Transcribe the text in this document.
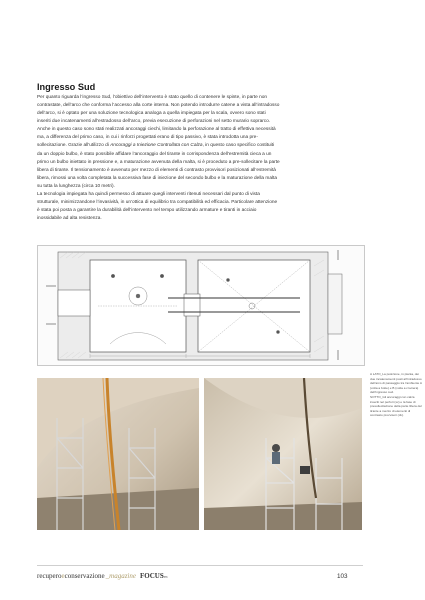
Ingresso Sud

Per quanto riguarda l’ingresso Sud, l’obiettivo dell’intervento è stato quello di contenere le spinte, in parte non contrastate, dell’arco che conforma l’accesso alla corte interna. Non potendo introdurre catene a vista all’intradosso dell’arco, si è optato per una soluzione tecnologica analoga a quella impiegata per la scala, ovvero sono stati inseriti due incatenamenti all’estradosso dell’arco, previa esecuzione di perforazioni nel setto murario soprarco. Anche in questo caso sono stati realizzati ancoraggi ciechi, limitando la perforazione al tratto di effettiva necessità ma, a differenza del primo caso, in cui i rinforzi progettati erano di tipo passivo, è stata introdotta una pre-sollecitazione. Grazie all’utilizzo di Ancoraggi a Iniezione Controllata con Calza, in questo caso specifico costituiti da un doppio bulbo, è stato possibile affidare l’ancoraggio del tirante in corrispondenza dell’estremità cieca a un primo un bulbo iniettato in pressione e, a maturazione avvenuta della malta, si è proceduto a pre-sollecitare la parte libera di tirante. Il tensionamento è avvenuto per mezzo di elementi di contrasto provvisori posizionati all’estremità libera, rimossi una volta completata la successiva fase di iniezione del secondo bulbo e la maturazione della malta su tutta la lunghezza (circa 10 metri).

La tecnologia impiegata ha quindi permesso di attuare quegli interventi ritenuti necessari dal punto di vista strutturale, minimizzandone l’invasività, in un’ottica di equilibrio tra compatibilità ed efficacia. Particolare attenzione è stata poi posta a garantire la durabilità dell’intervento nel tempo utilizzando armature e tiranti in acciaio inossidabile ad alta resistenza.

A LATO_La posizione, in pianta, dei due incatenamenti posti all’intradosso dell’arco di passaggio tra l’ambiente A (volta a botte) e B (volta a crociera) dell’ingresso sud.

SOTTO_Gli ancoraggi con calza inseriti nel perfori (sx) e la fase di presollecitazione della parte libera del tirante a mezzo di elementi di contrasto provvisori (dx).

recuperoeconservazione_magazine FOCUSen	103
